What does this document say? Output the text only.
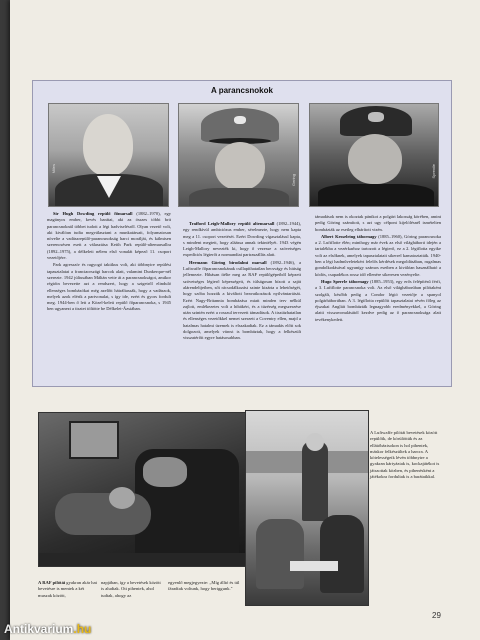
A parancsnokok
Miles
Gering
Sprevile

Sir Hugh Dowding repülő főmarsall (1882–1970), egy magányos ember, kevés barátai, aki az összes többi brit parancsnoknál többet tudott a légi hadviselésről. Olyan vezető volt, aki kiválóan tudta megválasztani a munkatársait, folyamatosan növelte a vadászrepülő-parancsnokság harci morálját, és kálmisen szerencsésen esett a választása Keith Park repülő-altemarsallra (1892–1975), a délkeleti nélem első vonalát képező 11. csoport vezetőjére.

Park agresszív és ragyogó taktikus volt, aki többnyire repülési tapasztalatai a franciaországi harcok alatt, valamint Dunkerque-nél szerezte. 1942 júliusában Máltán vette át a parancsnokságot, amikor régióin bevezette azt a rendszert, hogy a szigetről elinduló ellenséges bombázókat még azelőtt hátráltassák, hogy a vadászok, melyek azok elérik a partvonalat, s így ide, ezért és gyors fordult meg. 1944-ben ő lett a Közel-keleti repülő főparancsnoka, s 1945 ben ugyanezt a tisztet töltötte be Délkelet-Ázsiában.

Trafford Leigh-Mallory repülő altemarsall (1892–1944), egy rendkívül ambiciózus ember, sérelmezte, hogy nem kapta meg a 11. csoport vezetését. Ezért Dowding vígasztalásul kapta, s mindent megtett, hogy aláássa annak tekintélyét. 1943 végén Leigh-Mallory nevezték ki, hogy ő vezesse a szövetséges expedíciós légierőt a normandiai partraszállás alatt.

Hermann Göring birodalmi marsall (1892–1946), a Luftwaffe főparancsnokának csillapíthatatlan becsvágy és hiúság jellemezte. Hibásan ítélte meg az RAF repülőgépeiből képzett szövetséges légierő képességeit, és túlságosan bízott a saját alárendeltjeiben, sőt rácsodálkozást szinte kizárta a lehetőségét, hogy szóba hozzák a kiváltott beavatkozások nyilvántartását. Ezért Nagy-Britannia bombázása miatt minden terv nélkül zajlott, emlékezetes volt a hibákért, és a tüzérség megszerzése után szintén ezért a rosszul tervezett támadások. A tisztázhatatlan és ellenséges vezetőkkel nemet szerzett a Coventry ellen, majd a hatalmas hatalmi üzemek is elszakadtak. Ez a támadás előtt sok dolgozott, amelyek várost is bombáztak, hogy a felkészült visszatérőit egyre hatásosabban.

támadások nem is okoztak pánikot a polgári lakosság körében, amint pedig Göring számított, s azt ugy célpont kijelölésnél ismételten bombázták az esetleg elhárított vizén.

Albert Kesselring tábornagy (1885–1960), Göring parancsnoka a 2. Luftflotte élén; minthogy már évek az első világháború idején a tartalékba a vezérkarhoz tartozott a légierő, ez a 2. légiflotta egyike volt az elsőknek, amelyek tapasztalatait sikerrel kamatoztatták. 1940-ben a légi hadműveletekért felelős kérdések megoldásában, rugalmas gondolkodásával ugyanígy számos esetben a kiválóan használható a ködös, csapadékos rossz idő ellenére sikeresen vezényelte.

Hugo Sperrle tábornagy (1885–1953), egy erős felépítésű férfi, a 3. Luftflotte parancsnoka volt. Az első világháborúban pilótaként szolgált, később pedig a Condor légió vezetője a spanyol polgárháborúban. A 3. légiflotta repülőit tapasztalatai révén főleg az éjszakai Angliát bombázták legnagyobb eredményekkel, a Göring alatti visszavonulásától kezdve pedig az ő parancsnoksága alatt tevékenykedett.

A Luftwaffe pilótái bevetések között repülőik, de körülöttük és az ellátóbázisokon is hol pihentek, máskor felkészültek a harcra. A kötelességeik lévén többnyire a gyakran kártyáztak is, kockajátékot is játszottak közben, és pihenésként a játékokra fordultak is a barátaikkal.
A RAF pilótái gyakran akár hat bevetésre is mentek a két muszak között,
napjában, így a bevetések között is aludtak. Ott pihentek, ahol tudtak, ahogy az
egyenlő megjegyezte: „Míg álltó és túl fáradtak voltunk, hogy beriggunk."
29
Antikvarium.hu
